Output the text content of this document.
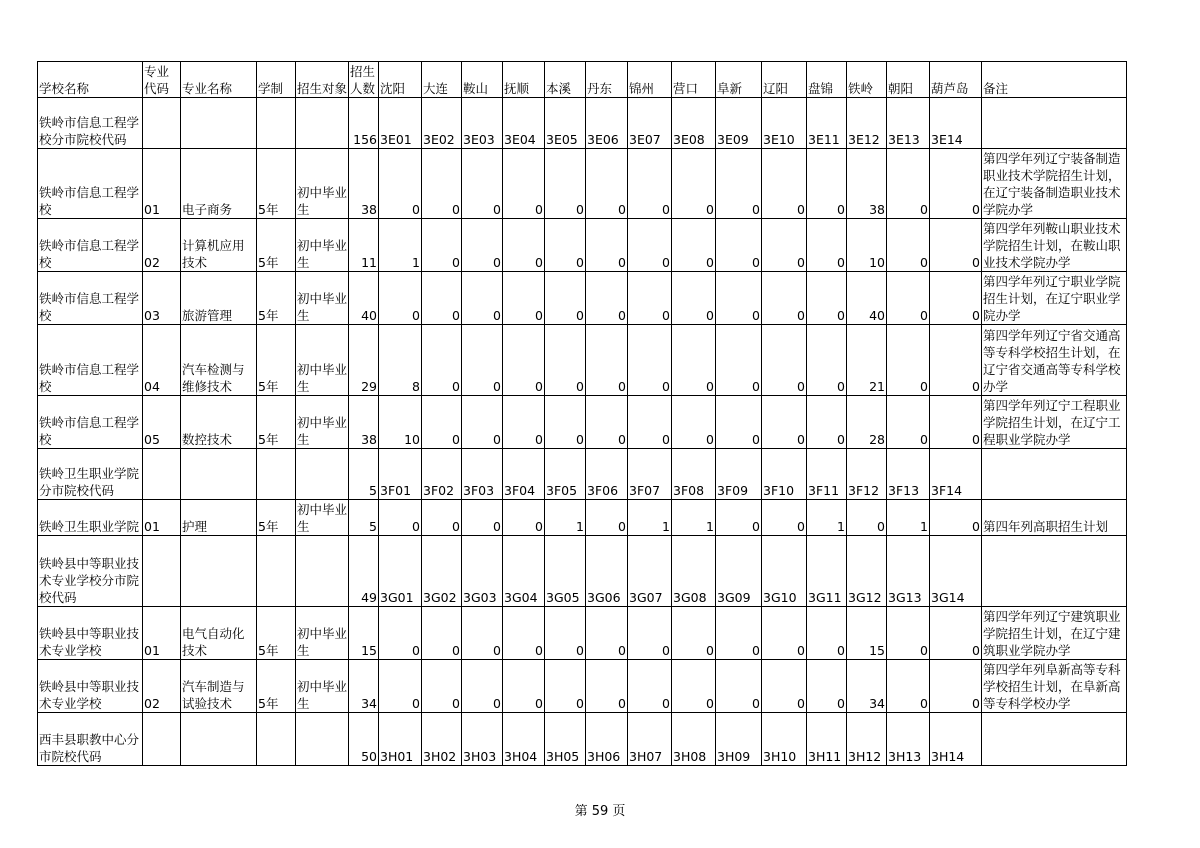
学校名称	专业代码	专业名称	学制	招生对象	招生人数	沈阳	大连	鞍山	抚顺	本溪	丹东	锦州	营口	阜新	辽阳	盘锦	铁岭	朝阳	葫芦岛	备注
铁岭市信息工程学校分市院校代码					156	3E01	3E02	3E03	3E04	3E05	3E06	3E07	3E08	3E09	3E10	3E11	3E12	3E13	3E14	
铁岭市信息工程学校	01	电子商务	5年	初中毕业生	38	0	0	0	0	0	0	0	0	0	0	0	38	0	0	第四学年列辽宁装备制造职业技术学院招生计划，在辽宁装备制造职业技术学院办学
铁岭市信息工程学校	02	计算机应用技术	5年	初中毕业生	11	1	0	0	0	0	0	0	0	0	0	0	10	0	0	第四学年列鞍山职业技术学院招生计划，在鞍山职业技术学院办学
铁岭市信息工程学校	03	旅游管理	5年	初中毕业生	40	0	0	0	0	0	0	0	0	0	0	0	40	0	0	第四学年列辽宁职业学院招生计划，在辽宁职业学院办学
铁岭市信息工程学校	04	汽车检测与维修技术	5年	初中毕业生	29	8	0	0	0	0	0	0	0	0	0	0	21	0	0	第四学年列辽宁省交通高等专科学校招生计划，在辽宁省交通高等专科学校办学
铁岭市信息工程学校	05	数控技术	5年	初中毕业生	38	10	0	0	0	0	0	0	0	0	0	0	28	0	0	第四学年列辽宁工程职业学院招生计划，在辽宁工程职业学院办学
铁岭卫生职业学院分市院校代码					5	3F01	3F02	3F03	3F04	3F05	3F06	3F07	3F08	3F09	3F10	3F11	3F12	3F13	3F14	
铁岭卫生职业学院	01	护理	5年	初中毕业生	5	0	0	0	0	1	0	1	1	0	0	1	0	1	0	第四年列高职招生计划
铁岭县中等职业技术专业学校分市院校代码					49	3G01	3G02	3G03	3G04	3G05	3G06	3G07	3G08	3G09	3G10	3G11	3G12	3G13	3G14	
铁岭县中等职业技术专业学校	01	电气自动化技术	5年	初中毕业生	15	0	0	0	0	0	0	0	0	0	0	0	15	0	0	第四学年列辽宁建筑职业学院招生计划，在辽宁建筑职业学院办学
铁岭县中等职业技术专业学校	02	汽车制造与试验技术	5年	初中毕业生	34	0	0	0	0	0	0	0	0	0	0	0	34	0	0	第四学年列阜新高等专科学校招生计划，在阜新高等专科学校办学
西丰县职教中心分市院校代码					50	3H01	3H02	3H03	3H04	3H05	3H06	3H07	3H08	3H09	3H10	3H11	3H12	3H13	3H14	
第 59 页
